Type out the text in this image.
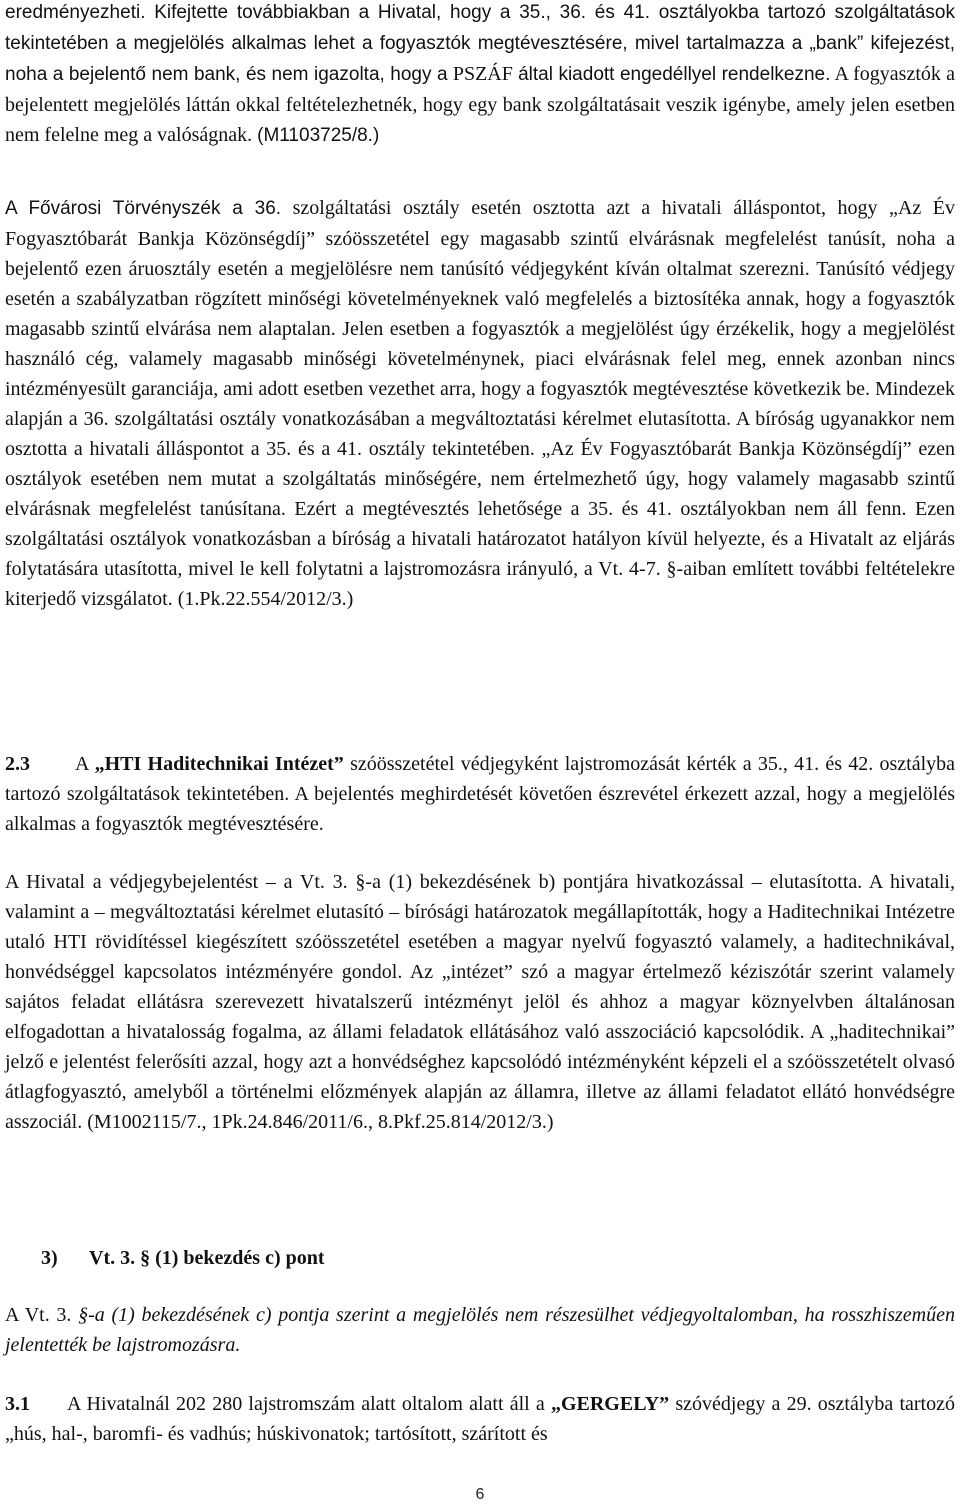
eredményezheti. Kifejtette továbbiakban a Hivatal, hogy a 35., 36. és 41. osztályokba tartozó szolgáltatások tekintetében a megjelölés alkalmas lehet a fogyasztók megtévesztésére, mivel tartalmazza a „bank” kifejezést, noha a bejelentő nem bank, és nem igazolta, hogy a PSZÁF által kiadott engedéllyel rendelkezne. A fogyasztók a bejelentett megjelölés láttán okkal feltételezhetnék, hogy egy bank szolgáltatásait veszik igénybe, amely jelen esetben nem felelne meg a valóságnak. (M1103725/8.)

A Fővárosi Törvényszék a 36. szolgáltatási osztály esetén osztotta azt a hivatali álláspontot, hogy „Az Év Fogyasztóbarát Bankja Közönségdíj” szóösszetétel egy magasabb szintű elvárásnak megfelelést tanúsít, noha a bejelentő ezen áruosztály esetén a megjelölésre nem tanúsító védjegyként kíván oltalmat szerezni. Tanúsító védjegy esetén a szabályzatban rögzített minőségi követelményeknek való megfelelés a biztosítéka annak, hogy a fogyasztók magasabb szintű elvárása nem alaptalan. Jelen esetben a fogyasztók a megjelölést úgy érzékelik, hogy a megjelölést használó cég, valamely magasabb minőségi követelménynek, piaci elvárásnak felel meg, ennek azonban nincs intézményesült garanciája, ami adott esetben vezethet arra, hogy a fogyasztók megtévesztése következik be. Mindezek alapján a 36. szolgáltatási osztály vonatkozásában a megváltoztatási kérelmet elutasította. A bíróság ugyanakkor nem osztotta a hivatali álláspontot a 35. és a 41. osztály tekintetében. „Az Év Fogyasztóbarát Bankja Közönségdíj” ezen osztályok esetében nem mutat a szolgáltatás minőségére, nem értelmezhető úgy, hogy valamely magasabb szintű elvárásnak megfelelést tanúsítana. Ezért a megtévesztés lehetősége a 35. és 41. osztályokban nem áll fenn. Ezen szolgáltatási osztályok vonatkozásban a bíróság a hivatali határozatot hatályon kívül helyezte, és a Hivatalt az eljárás folytatására utasította, mivel le kell folytatni a lajstromozásra irányuló, a Vt. 4-7. §-aiban említett további feltételekre kiterjedő vizsgálatot. (1.Pk.22.554/2012/3.)

2.3 A „HTI Haditechnikai Intézet” szóösszetétel védjegyként lajstromozását kérték a 35., 41. és 42. osztályba tartozó szolgáltatások tekintetében. A bejelentés meghirdetését követően észrevétel érkezett azzal, hogy a megjelölés alkalmas a fogyasztók megtévesztésére.

A Hivatal a védjegybejelentést – a Vt. 3. §-a (1) bekezdésének b) pontjára hivatkozással – elutasította. A hivatali, valamint a – megváltoztatási kérelmet elutasító – bírósági határozatok megállapították, hogy a Haditechnikai Intézetre utaló HTI rövidítéssel kiegészített szóösszetétel esetében a magyar nyelvű fogyasztó valamely, a haditechnikával, honvédséggel kapcsolatos intézményére gondol. Az „intézet” szó a magyar értelmező kéziszótár szerint valamely sajátos feladat ellátásra szerevezett hivatalszerű intézményt jelöl és ahhoz a magyar köznyelvben általánosan elfogadottan a hivatalosság fogalma, az állami feladatok ellátásához való asszociáció kapcsolódik. A „haditechnikai” jelző e jelentést felerősíti azzal, hogy azt a honvédséghez kapcsolódó intézményként képzeli el a szóösszetételt olvasó átlagfogyasztó, amelyből a történelmi előzmények alapján az államra, illetve az állami feladatot ellátó honvédségre asszociál. (M1002115/7., 1Pk.24.846/2011/6., 8.Pkf.25.814/2012/3.)

3) Vt. 3. § (1) bekezdés c) pont

A Vt. 3. §-a (1) bekezdésének c) pontja szerint a megjelölés nem részesülhet védjegyoltalomban, ha rosszhiszeműen jelentették be lajstromozásra.

3.1 A Hivatalnál 202 280 lajstromszám alatt oltalom alatt áll a „GERGELY” szóvédjegy a 29. osztályba tartozó „hús, hal-, baromfi- és vadhús; húskivonatok; tartósított, szárított és

6
